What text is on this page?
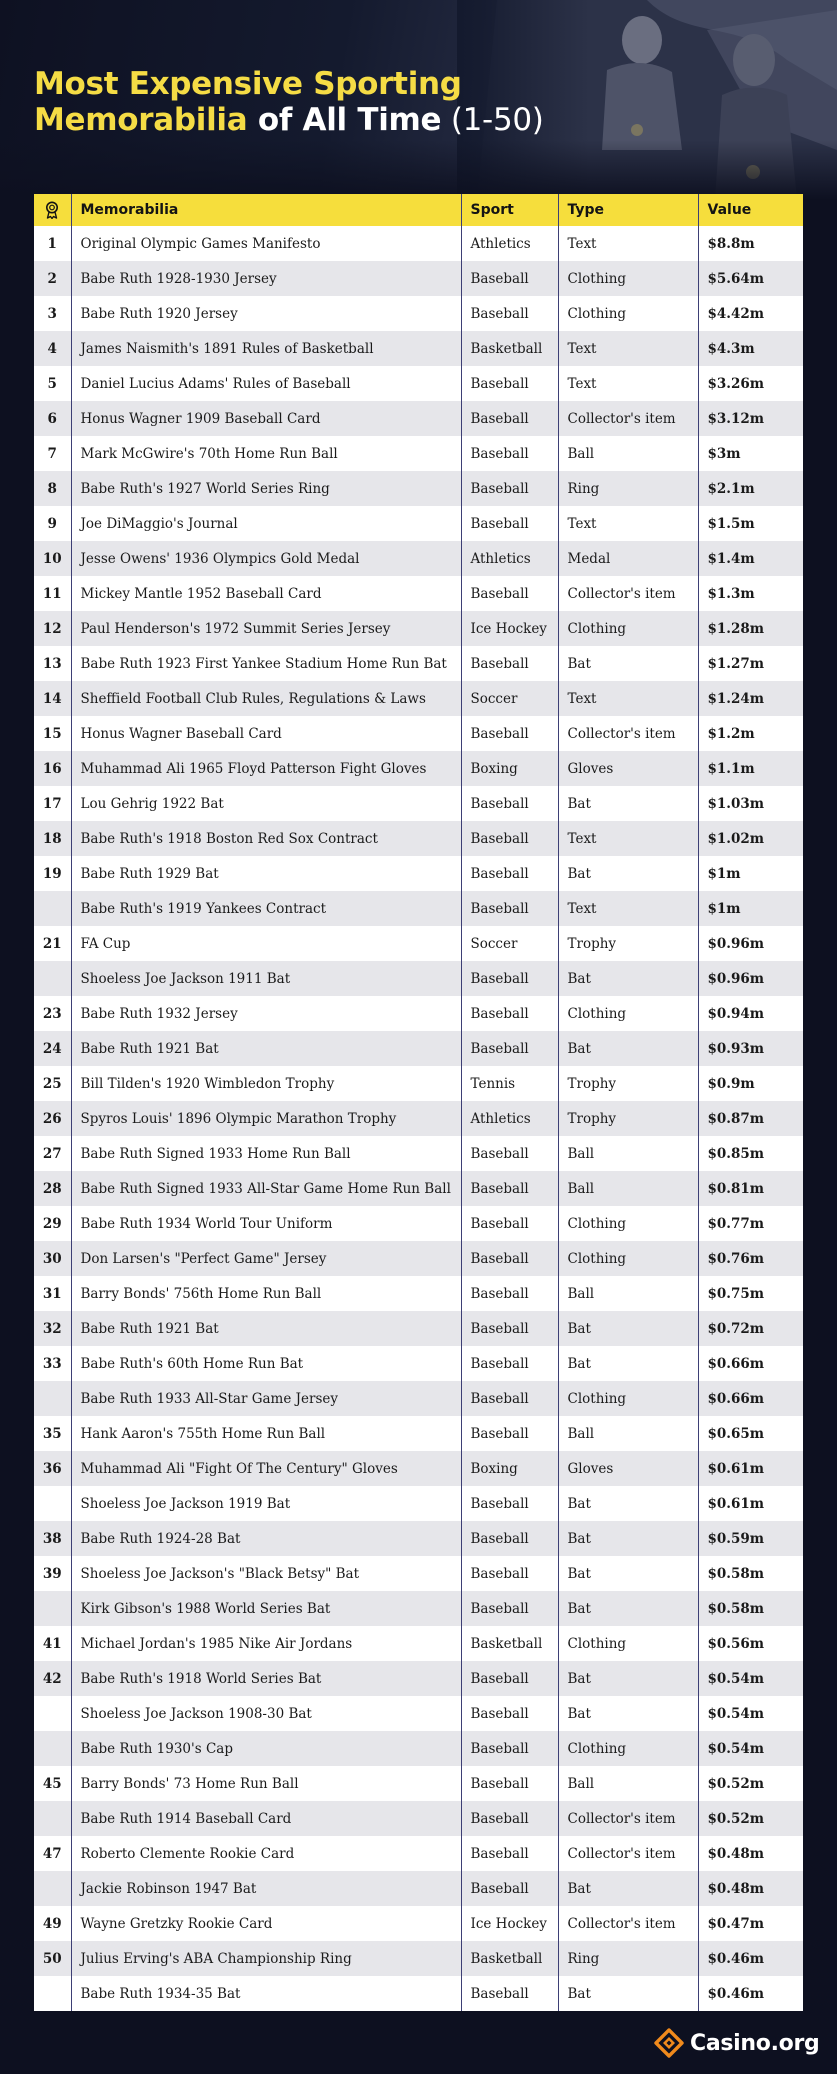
Most Expensive Sporting
Memorabilia of All Time (1-50)
	Memorabilia	Sport	Type	Value
1	Original Olympic Games Manifesto	Athletics	Text	$8.8m
2	Babe Ruth 1928-1930 Jersey	Baseball	Clothing	$5.64m
3	Babe Ruth 1920 Jersey	Baseball	Clothing	$4.42m
4	James Naismith's 1891 Rules of Basketball	Basketball	Text	$4.3m
5	Daniel Lucius Adams' Rules of Baseball	Baseball	Text	$3.26m
6	Honus Wagner 1909 Baseball Card	Baseball	Collector's item	$3.12m
7	Mark McGwire's 70th Home Run Ball	Baseball	Ball	$3m
8	Babe Ruth's 1927 World Series Ring	Baseball	Ring	$2.1m
9	Joe DiMaggio's Journal	Baseball	Text	$1.5m
10	Jesse Owens' 1936 Olympics Gold Medal	Athletics	Medal	$1.4m
11	Mickey Mantle 1952 Baseball Card	Baseball	Collector's item	$1.3m
12	Paul Henderson's 1972 Summit Series Jersey	Ice Hockey	Clothing	$1.28m
13	Babe Ruth 1923 First Yankee Stadium Home Run Bat	Baseball	Bat	$1.27m
14	Sheffield Football Club Rules, Regulations & Laws	Soccer	Text	$1.24m
15	Honus Wagner Baseball Card	Baseball	Collector's item	$1.2m
16	Muhammad Ali 1965 Floyd Patterson Fight Gloves	Boxing	Gloves	$1.1m
17	Lou Gehrig 1922 Bat	Baseball	Bat	$1.03m
18	Babe Ruth's 1918 Boston Red Sox Contract	Baseball	Text	$1.02m
19	Babe Ruth 1929 Bat	Baseball	Bat	$1m
	Babe Ruth's 1919 Yankees Contract	Baseball	Text	$1m
21	FA Cup	Soccer	Trophy	$0.96m
	Shoeless Joe Jackson 1911 Bat	Baseball	Bat	$0.96m
23	Babe Ruth 1932 Jersey	Baseball	Clothing	$0.94m
24	Babe Ruth 1921 Bat	Baseball	Bat	$0.93m
25	Bill Tilden's 1920 Wimbledon Trophy	Tennis	Trophy	$0.9m
26	Spyros Louis' 1896 Olympic Marathon Trophy	Athletics	Trophy	$0.87m
27	Babe Ruth Signed 1933 Home Run Ball	Baseball	Ball	$0.85m
28	Babe Ruth Signed 1933 All-Star Game Home Run Ball	Baseball	Ball	$0.81m
29	Babe Ruth 1934 World Tour Uniform	Baseball	Clothing	$0.77m
30	Don Larsen's "Perfect Game" Jersey	Baseball	Clothing	$0.76m
31	Barry Bonds' 756th Home Run Ball	Baseball	Ball	$0.75m
32	Babe Ruth 1921 Bat	Baseball	Bat	$0.72m
33	Babe Ruth's 60th Home Run Bat	Baseball	Bat	$0.66m
	Babe Ruth 1933 All-Star Game Jersey	Baseball	Clothing	$0.66m
35	Hank Aaron's 755th Home Run Ball	Baseball	Ball	$0.65m
36	Muhammad Ali "Fight Of The Century" Gloves	Boxing	Gloves	$0.61m
	Shoeless Joe Jackson 1919 Bat	Baseball	Bat	$0.61m
38	Babe Ruth 1924-28 Bat	Baseball	Bat	$0.59m
39	Shoeless Joe Jackson's "Black Betsy" Bat	Baseball	Bat	$0.58m
	Kirk Gibson's 1988 World Series Bat	Baseball	Bat	$0.58m
41	Michael Jordan's 1985 Nike Air Jordans	Basketball	Clothing	$0.56m
42	Babe Ruth's 1918 World Series Bat	Baseball	Bat	$0.54m
	Shoeless Joe Jackson 1908-30 Bat	Baseball	Bat	$0.54m
	Babe Ruth 1930's Cap	Baseball	Clothing	$0.54m
45	Barry Bonds' 73 Home Run Ball	Baseball	Ball	$0.52m
	Babe Ruth 1914 Baseball Card	Baseball	Collector's item	$0.52m
47	Roberto Clemente Rookie Card	Baseball	Collector's item	$0.48m
	Jackie Robinson 1947 Bat	Baseball	Bat	$0.48m
49	Wayne Gretzky Rookie Card	Ice Hockey	Collector's item	$0.47m
50	Julius Erving's ABA Championship Ring	Basketball	Ring	$0.46m
	Babe Ruth 1934-35 Bat	Baseball	Bat	$0.46m
Casino.org
